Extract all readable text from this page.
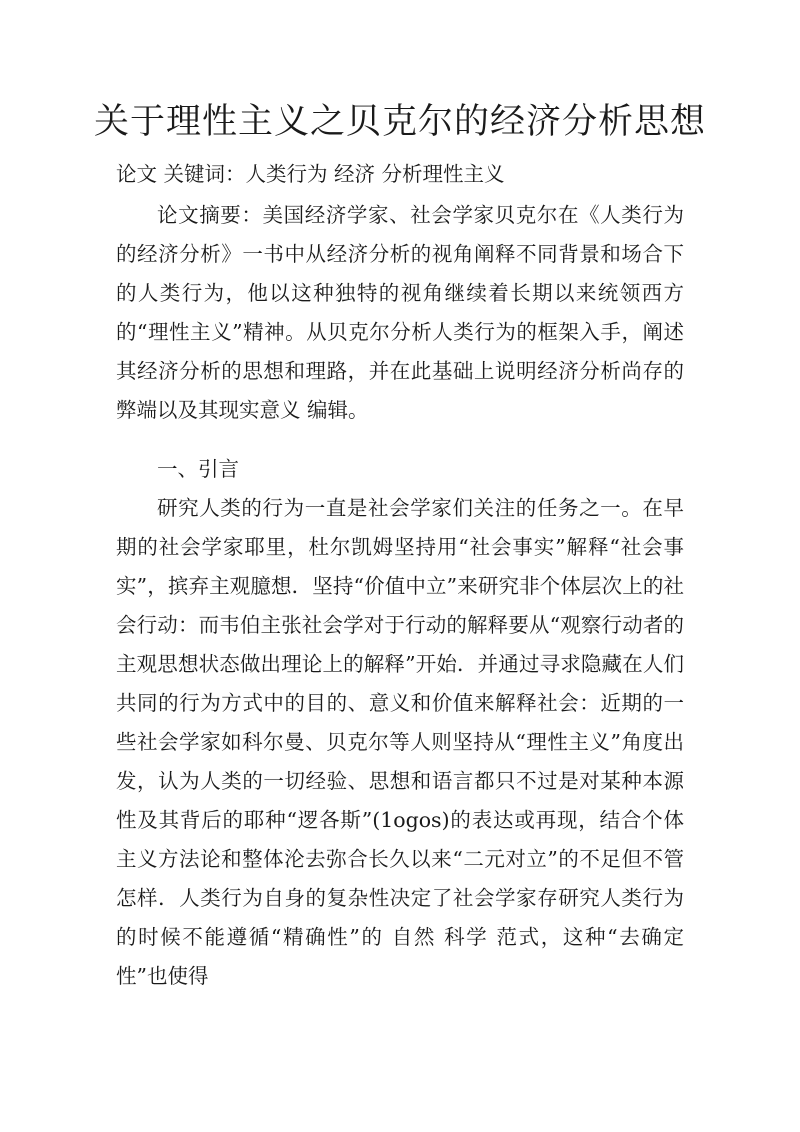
关于理性主义之贝克尔的经济分析思想

论文 关键词：人类行为 经济 分析理性主义

论文摘要：美国经济学家、社会学家贝克尔在《人类行为的经济分析》一书中从经济分析的视角阐释不同背景和场合下的人类行为，他以这种独特的视角继续着长期以来统领西方的“理性主义”精神。从贝克尔分析人类行为的框架入手，阐述其经济分析的思想和理路，并在此基础上说明经济分析尚存的弊端以及其现实意义 编辑。

一、引言

研究人类的行为一直是社会学家们关注的任务之一。在早期的社会学家耶里，杜尔凯姆坚持用“社会事实”解释“社会事实”，摈弃主观臆想．坚持“价值中立”来研究非个体层次上的社会行动：而韦伯主张社会学对于行动的解释要从“观察行动者的主观思想状态做出理论上的解释”开始．并通过寻求隐藏在人们共同的行为方式中的目的、意义和价值来解释社会：近期的一些社会学家如科尔曼、贝克尔等人则坚持从“理性主义”角度出发，认为人类的一切经验、思想和语言都只不过是对某种本源性及其背后的耶种“逻各斯”(1ogos)的表达或再现，结合个体主义方法论和整体沦去弥合长久以来“二元对立”的不足但不管怎样．人类行为自身的复杂性决定了社会学家存研究人类行为的时候不能遵循“精确性”的 自然 科学 范式，这种“去确定性”也使得
